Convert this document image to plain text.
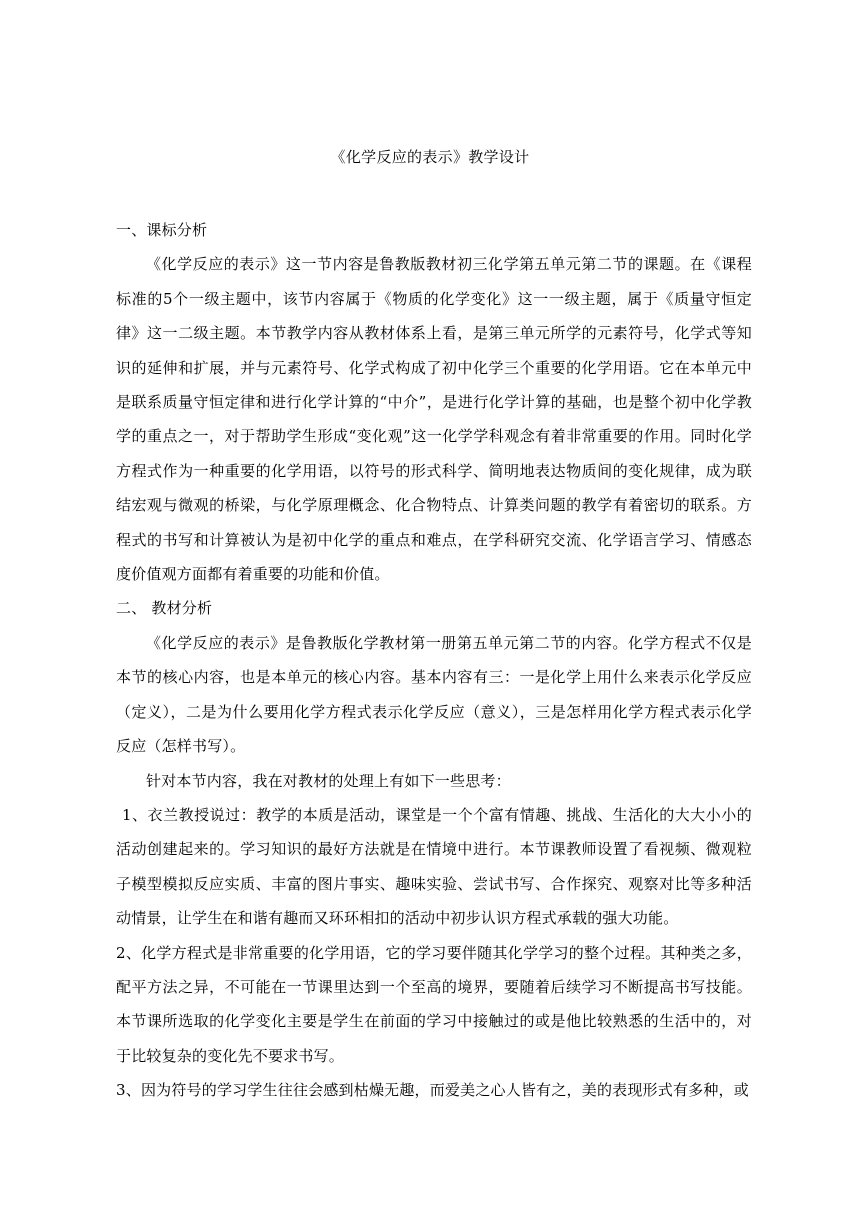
《化学反应的表示》教学设计

一、课标分析

《化学反应的表示》这一节内容是鲁教版教材初三化学第五单元第二节的课题。在《课程标准的5个一级主题中，该节内容属于《物质的化学变化》这一一级主题，属于《质量守恒定律》这一二级主题。本节教学内容从教材体系上看，是第三单元所学的元素符号，化学式等知识的延伸和扩展，并与元素符号、化学式构成了初中化学三个重要的化学用语。它在本单元中是联系质量守恒定律和进行化学计算的“中介”，是进行化学计算的基础，也是整个初中化学教学的重点之一，对于帮助学生形成“变化观”这一化学学科观念有着非常重要的作用。同时化学方程式作为一种重要的化学用语，以符号的形式科学、简明地表达物质间的变化规律，成为联结宏观与微观的桥梁，与化学原理概念、化合物特点、计算类问题的教学有着密切的联系。方程式的书写和计算被认为是初中化学的重点和难点，在学科研究交流、化学语言学习、情感态度价值观方面都有着重要的功能和价值。

二、 教材分析

《化学反应的表示》是鲁教版化学教材第一册第五单元第二节的内容。化学方程式不仅是本节的核心内容，也是本单元的核心内容。基本内容有三：一是化学上用什么来表示化学反应（定义），二是为什么要用化学方程式表示化学反应（意义），三是怎样用化学方程式表示化学反应（怎样书写）。

针对本节内容，我在对教材的处理上有如下一些思考：

1、衣兰教授说过：教学的本质是活动，课堂是一个个富有情趣、挑战、生活化的大大小小的活动创建起来的。学习知识的最好方法就是在情境中进行。本节课教师设置了看视频、微观粒子模型模拟反应实质、丰富的图片事实、趣味实验、尝试书写、合作探究、观察对比等多种活动情景，让学生在和谐有趣而又环环相扣的活动中初步认识方程式承载的强大功能。

2、化学方程式是非常重要的化学用语，它的学习要伴随其化学学习的整个过程。其种类之多，配平方法之异，不可能在一节课里达到一个至高的境界，要随着后续学习不断提高书写技能。本节课所选取的化学变化主要是学生在前面的学习中接触过的或是他比较熟悉的生活中的，对于比较复杂的变化先不要求书写。

3、因为符号的学习学生往往会感到枯燥无趣，而爱美之心人皆有之，美的表现形式有多种，或
